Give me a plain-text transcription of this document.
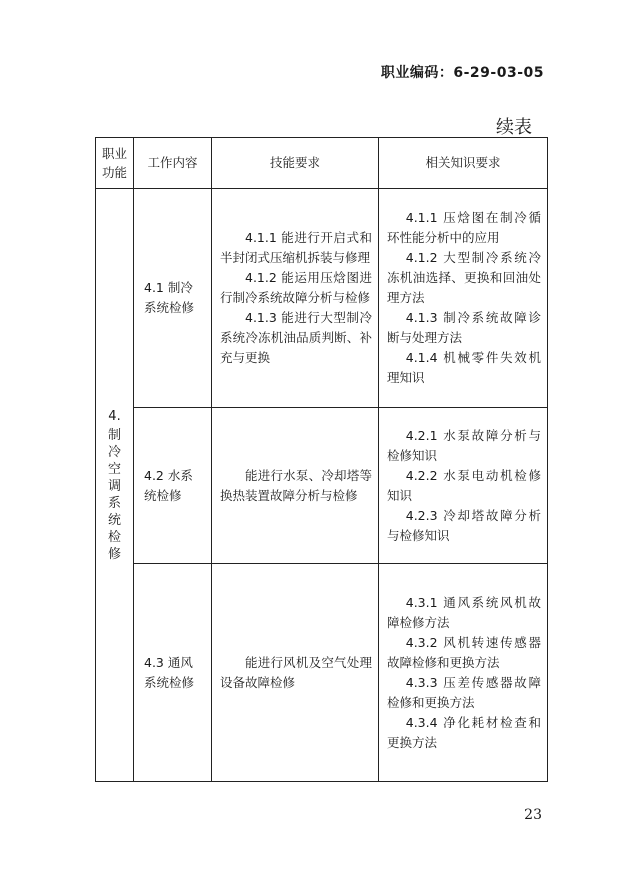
职业编码：6-29-03-05
续表
职业功能	工作内容	技能要求	相关知识要求

4.
制冷空调系统检修	4.1 制冷系统检修	4.1.1 能进行开启式和半封闭式压缩机拆装与修理
4.1.2 能运用压焓图进行制冷系统故障分析与检修
4.1.3 能进行大型制冷系统冷冻机油品质判断、补充与更换	4.1.1 压焓图在制冷循环性能分析中的应用
4.1.2 大型制冷系统冷冻机油选择、更换和回油处理方法
4.1.3 制冷系统故障诊断与处理方法
4.1.4 机械零件失效机理知识

	4.2 水系统检修	能进行水泵、冷却塔等换热装置故障分析与检修	4.2.1 水泵故障分析与检修知识
4.2.2 水泵电动机检修知识
4.2.3 冷却塔故障分析与检修知识

	4.3 通风系统检修	能进行风机及空气处理设备故障检修	4.3.1 通风系统风机故障检修方法
4.3.2 风机转速传感器故障检修和更换方法
4.3.3 压差传感器故障检修和更换方法
4.3.4 净化耗材检查和更换方法
23
